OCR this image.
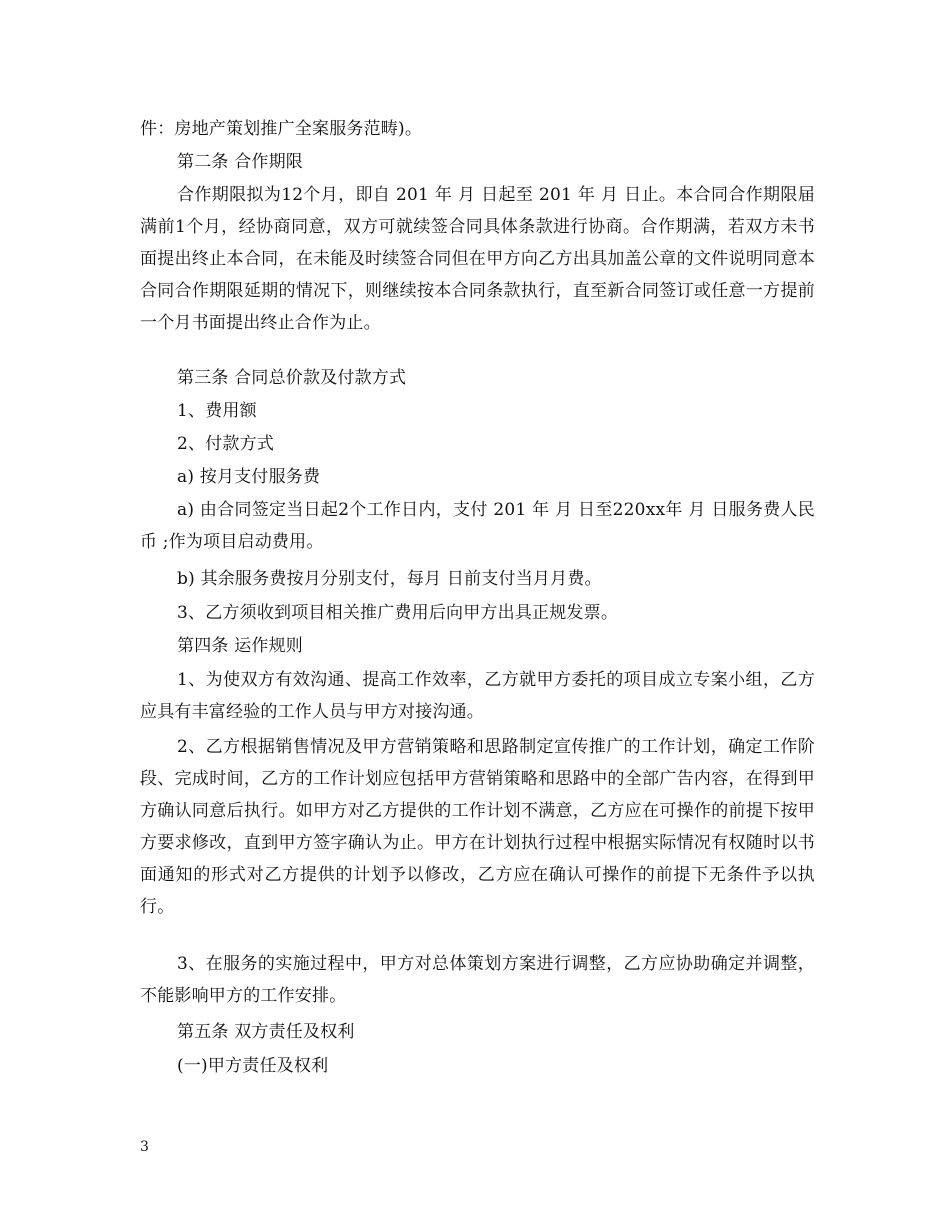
件：房地产策划推广全案服务范畴)。

第二条 合作期限

合作期限拟为12个月，即自 201 年 月 日起至 201 年 月 日止。本合同合作期限届满前1个月，经协商同意，双方可就续签合同具体条款进行协商。合作期满，若双方未书面提出终止本合同，在未能及时续签合同但在甲方向乙方出具加盖公章的文件说明同意本合同合作期限延期的情况下，则继续按本合同条款执行，直至新合同签订或任意一方提前一个月书面提出终止合作为止。

第三条 合同总价款及付款方式

1、费用额

2、付款方式

a) 按月支付服务费

a) 由合同签定当日起2个工作日内，支付 201 年 月 日至220xx年 月 日服务费人民币 ;作为项目启动费用。

b) 其余服务费按月分别支付，每月 日前支付当月月费。

3、乙方须收到项目相关推广费用后向甲方出具正规发票。

第四条 运作规则

1、为使双方有效沟通、提高工作效率，乙方就甲方委托的项目成立专案小组，乙方应具有丰富经验的工作人员与甲方对接沟通。

2、乙方根据销售情况及甲方营销策略和思路制定宣传推广的工作计划，确定工作阶段、完成时间，乙方的工作计划应包括甲方营销策略和思路中的全部广告内容，在得到甲方确认同意后执行。如甲方对乙方提供的工作计划不满意，乙方应在可操作的前提下按甲方要求修改，直到甲方签字确认为止。甲方在计划执行过程中根据实际情况有权随时以书面通知的形式对乙方提供的计划予以修改，乙方应在确认可操作的前提下无条件予以执行。

3、在服务的实施过程中，甲方对总体策划方案进行调整，乙方应协助确定并调整，不能影响甲方的工作安排。

第五条 双方责任及权利

(一)甲方责任及权利

3
